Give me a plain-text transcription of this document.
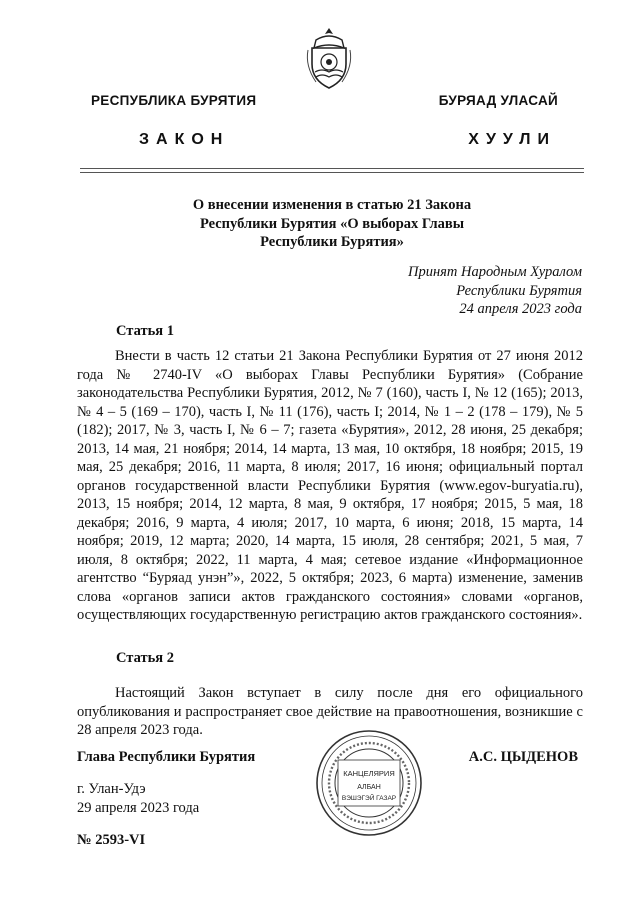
РЕСПУБЛИКА БУРЯТИЯ	БУРЯАД УЛАСАЙ
ЗАКОН	ХУУЛИ
О внесении изменения в статью 21 Закона
Республики Бурятия «О выборах Главы
Республики Бурятия»
Принят Народным Хуралом
Республики Бурятия
24 апреля 2023 года
Статья 1
Внести в часть 12 статьи 21 Закона Республики Бурятия от 27 июня 2012 года № 2740-IV «О выборах Главы Республики Бурятия» (Собрание законодательства Республики Бурятия, 2012, № 7 (160), часть I, № 12 (165); 2013, № 4 – 5 (169 – 170), часть I, № 11 (176), часть I; 2014, № 1 – 2 (178 – 179), № 5 (182); 2017, № 3, часть I, № 6 – 7; газета «Бурятия», 2012, 28 июня, 25 декабря; 2013, 14 мая, 21 ноября; 2014, 14 марта, 13 мая, 10 октября, 18 ноября; 2015, 19 мая, 25 декабря; 2016, 11 марта, 8 июля; 2017, 16 июня; официальный портал органов государственной власти Республики Бурятия (www.egov-buryatia.ru), 2013, 15 ноября; 2014, 12 марта, 8 мая, 9 октября, 17 ноября; 2015, 5 мая, 18 декабря; 2016, 9 марта, 4 июля; 2017, 10 марта, 6 июня; 2018, 15 марта, 14 ноября; 2019, 12 марта; 2020, 14 марта, 15 июля, 28 сентября; 2021, 5 мая, 7 июля, 8 октября; 2022, 11 марта, 4 мая; сетевое издание «Информационное агентство “Буряад унэн”», 2022, 5 октября; 2023, 6 марта) изменение, заменив слова «органов записи актов гражданского состояния» словами «органов, осуществляющих государственную регистрацию актов гражданского состояния».
Статья 2
Настоящий Закон вступает в силу после дня его официального опубликования и распространяет свое действие на правоотношения, возникшие с 28 апреля 2023 года.
Глава Республики Бурятия	А.С. ЦЫДЕНОВ
г. Улан-Удэ
29 апреля 2023 года
№ 2593-VI
КАНЦЕЛЯРИЯ
АЛБАН
ВЭШЭГЭЙ ГАЗАР
